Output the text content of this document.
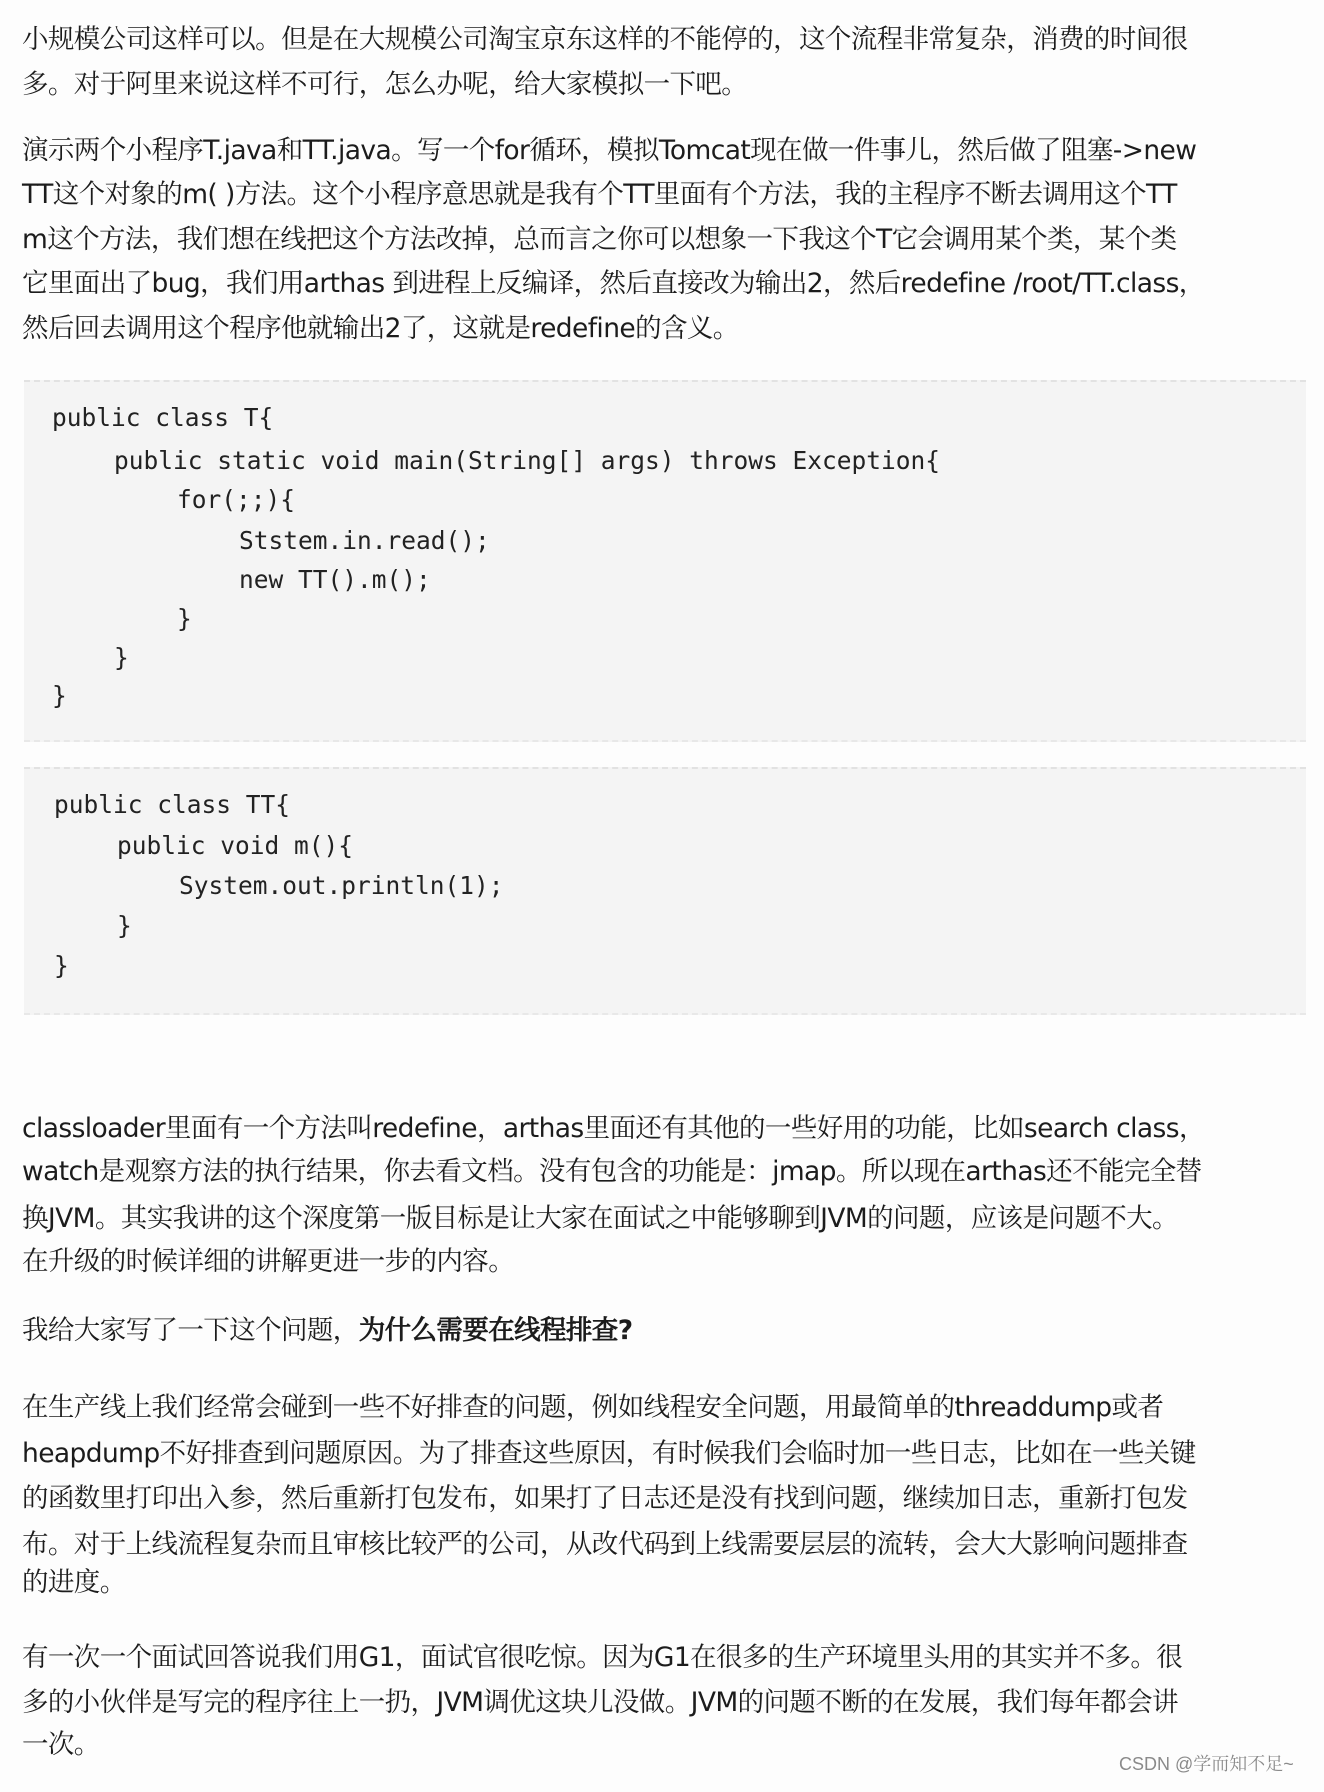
小规模公司这样可以。但是在大规模公司淘宝京东这样的不能停的，这个流程非常复杂，消费的时间很
多。对于阿里来说这样不可行，怎么办呢，给大家模拟一下吧。
演示两个小程序T.java和TT.java。写一个for循环，模拟Tomcat现在做一件事儿，然后做了阻塞->new
TT这个对象的m( )方法。这个小程序意思就是我有个TT里面有个方法，我的主程序不断去调用这个TT
m这个方法，我们想在线把这个方法改掉，总而言之你可以想象一下我这个T它会调用某个类，某个类
它里面出了bug，我们用arthas 到进程上反编译，然后直接改为输出2，然后redefine /root/TT.class，
然后回去调用这个程序他就输出2了，这就是redefine的含义。
public class T{
public static void main(String[] args) throws Exception{
for(;;){
Ststem.in.read();
new TT().m();
}
}
}
public class TT{
public void m(){
System.out.println(1);
}
}
classloader里面有一个方法叫redefine，arthas里面还有其他的一些好用的功能，比如search class，
watch是观察方法的执行结果，你去看文档。没有包含的功能是：jmap。所以现在arthas还不能完全替
换JVM。其实我讲的这个深度第一版目标是让大家在面试之中能够聊到JVM的问题，应该是问题不大。
在升级的时候详细的讲解更进一步的内容。
我给大家写了一下这个问题，为什么需要在线程排查?
在生产线上我们经常会碰到一些不好排查的问题，例如线程安全问题，用最简单的threaddump或者
heapdump不好排查到问题原因。为了排查这些原因，有时候我们会临时加一些日志，比如在一些关键
的函数里打印出入参，然后重新打包发布，如果打了日志还是没有找到问题，继续加日志，重新打包发
布。对于上线流程复杂而且审核比较严的公司，从改代码到上线需要层层的流转，会大大影响问题排查
的进度。
有一次一个面试回答说我们用G1，面试官很吃惊。因为G1在很多的生产环境里头用的其实并不多。很
多的小伙伴是写完的程序往上一扔，JVM调优这块儿没做。JVM的问题不断的在发展，我们每年都会讲
一次。
CSDN @学而知不足~
